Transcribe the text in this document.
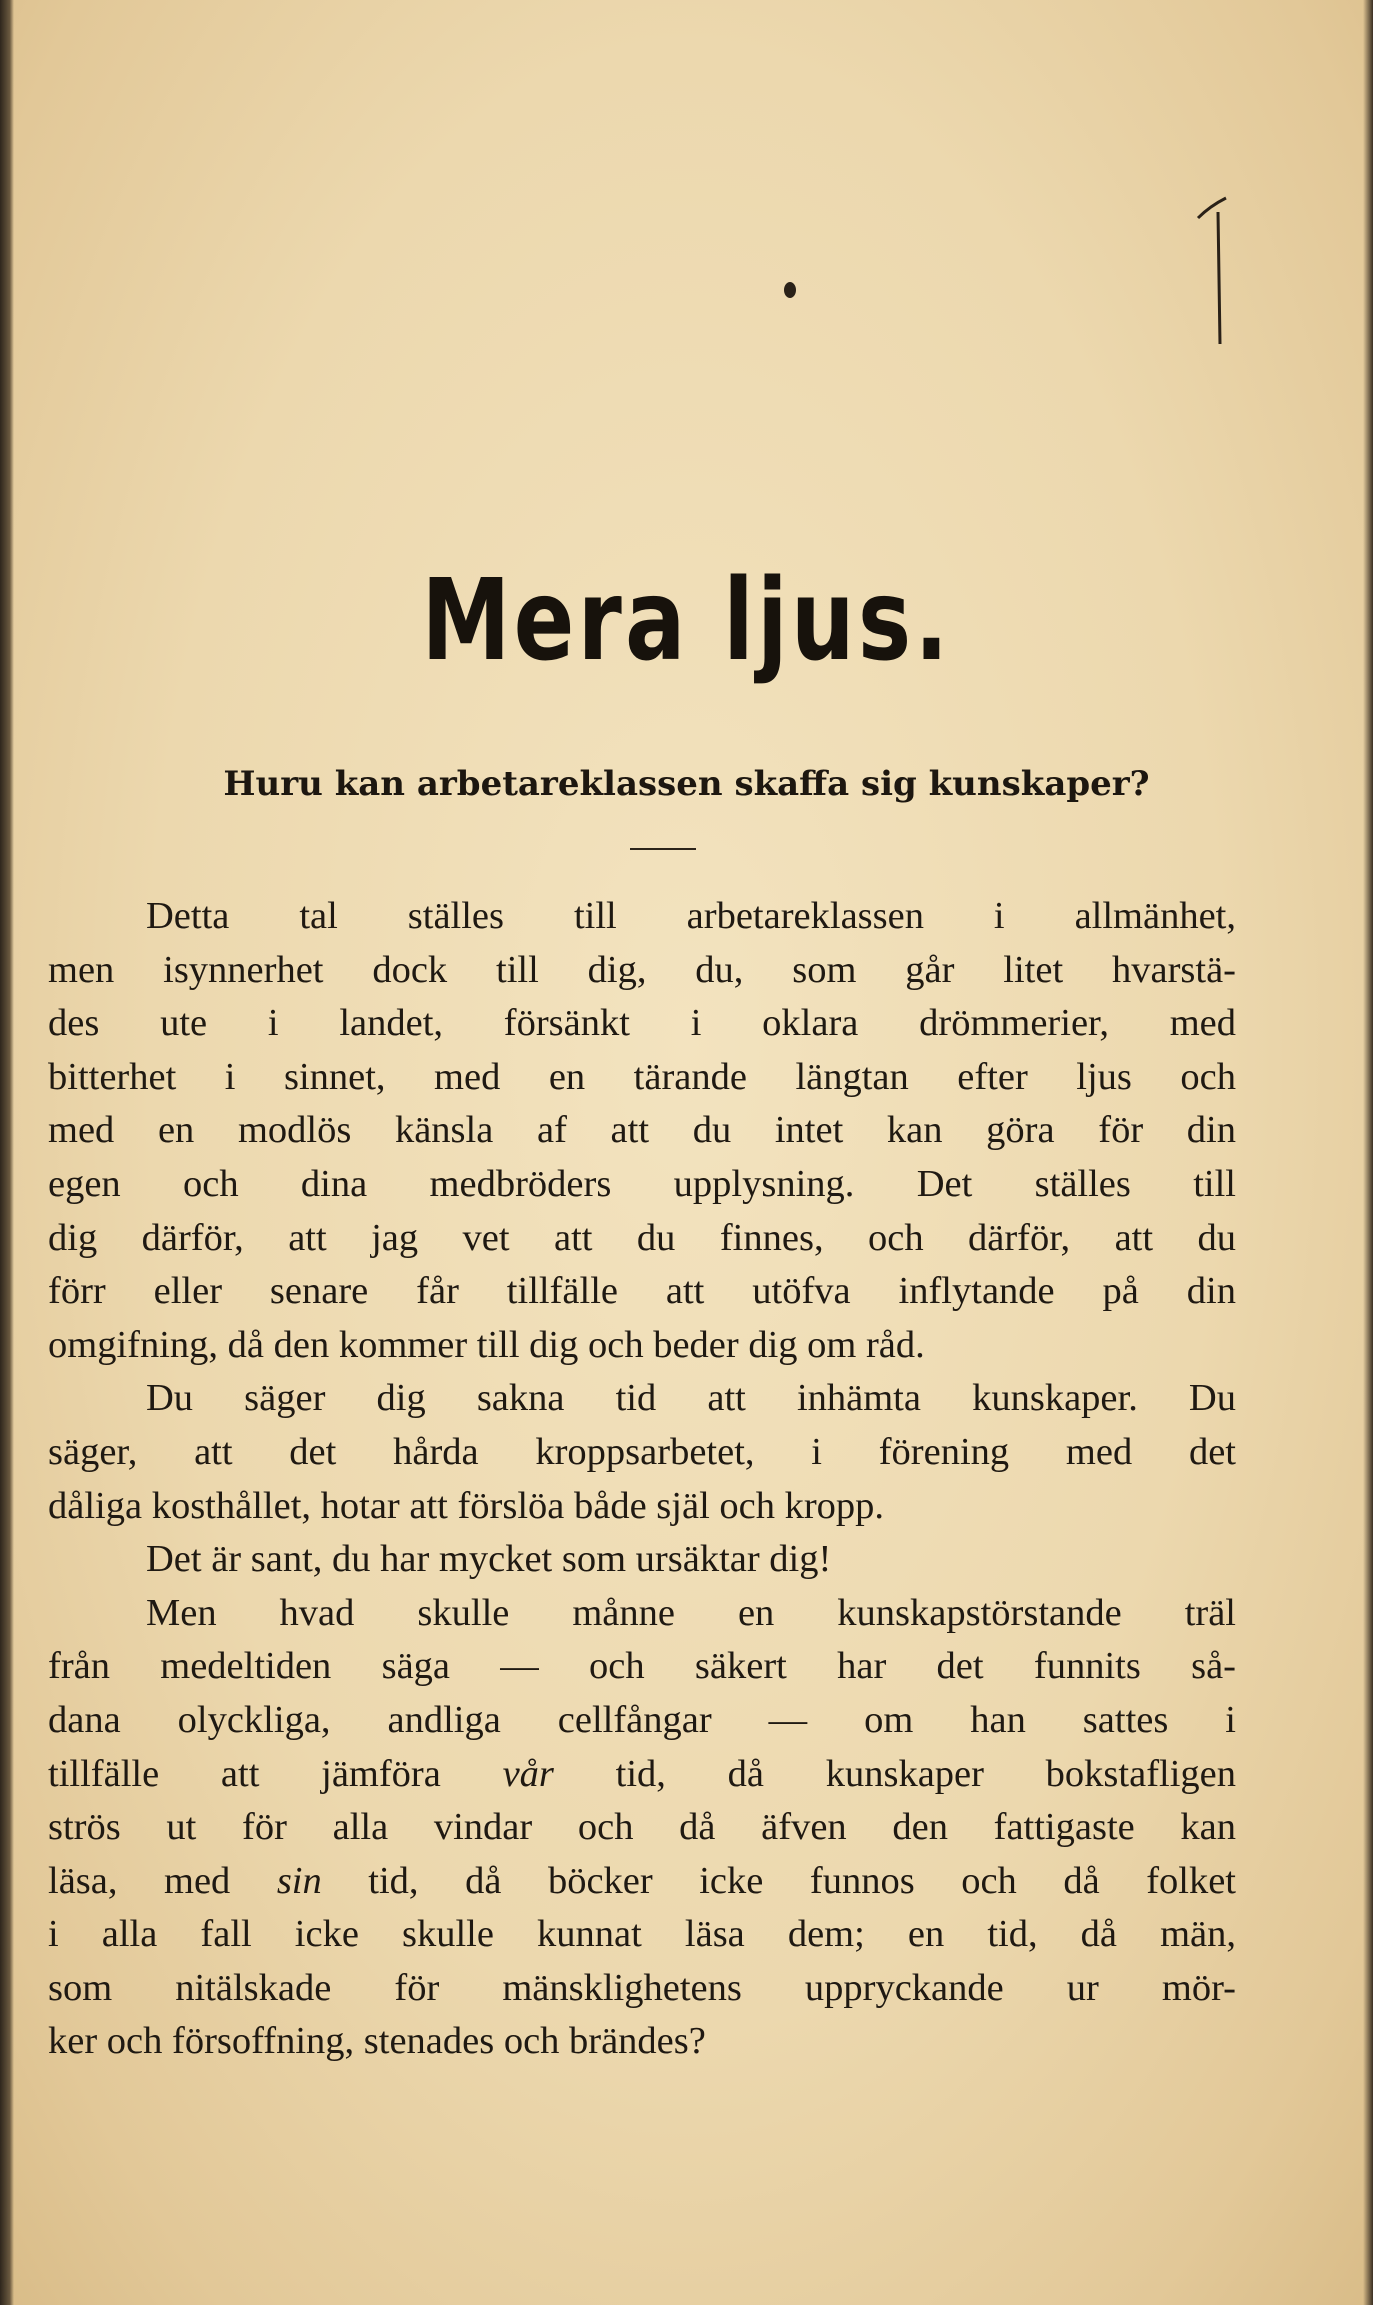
Mera ljus.
Huru kan arbetareklassen skaffa sig kunskaper?
Detta tal ställes till arbetareklassen i allmänhet,
men isynnerhet dock till dig, du, som går litet hvarstä-
des ute i landet, försänkt i oklara drömmerier, med
bitterhet i sinnet, med en tärande längtan efter ljus och
med en modlös känsla af att du intet kan göra för din
egen och dina medbröders upplysning. Det ställes till
dig därför, att jag vet att du finnes, och därför, att du
förr eller senare får tillfälle att utöfva inflytande på din
omgifning, då den kommer till dig och beder dig om råd.
Du säger dig sakna tid att inhämta kunskaper. Du
säger, att det hårda kroppsarbetet, i förening med det
dåliga kosthållet, hotar att förslöa både själ och kropp.
Det är sant, du har mycket som ursäktar dig!
Men hvad skulle månne en kunskapstörstande träl
från medeltiden säga — och säkert har det funnits så-
dana olyckliga, andliga cellfångar — om han sattes i
tillfälle att jämföra vår tid, då kunskaper bokstafligen
strös ut för alla vindar och då äfven den fattigaste kan
läsa, med sin tid, då böcker icke funnos och då folket
i alla fall icke skulle kunnat läsa dem; en tid, då män,
som nitälskade för mänsklighetens uppryckande ur mör-
ker och försoffning, stenades och brändes?
